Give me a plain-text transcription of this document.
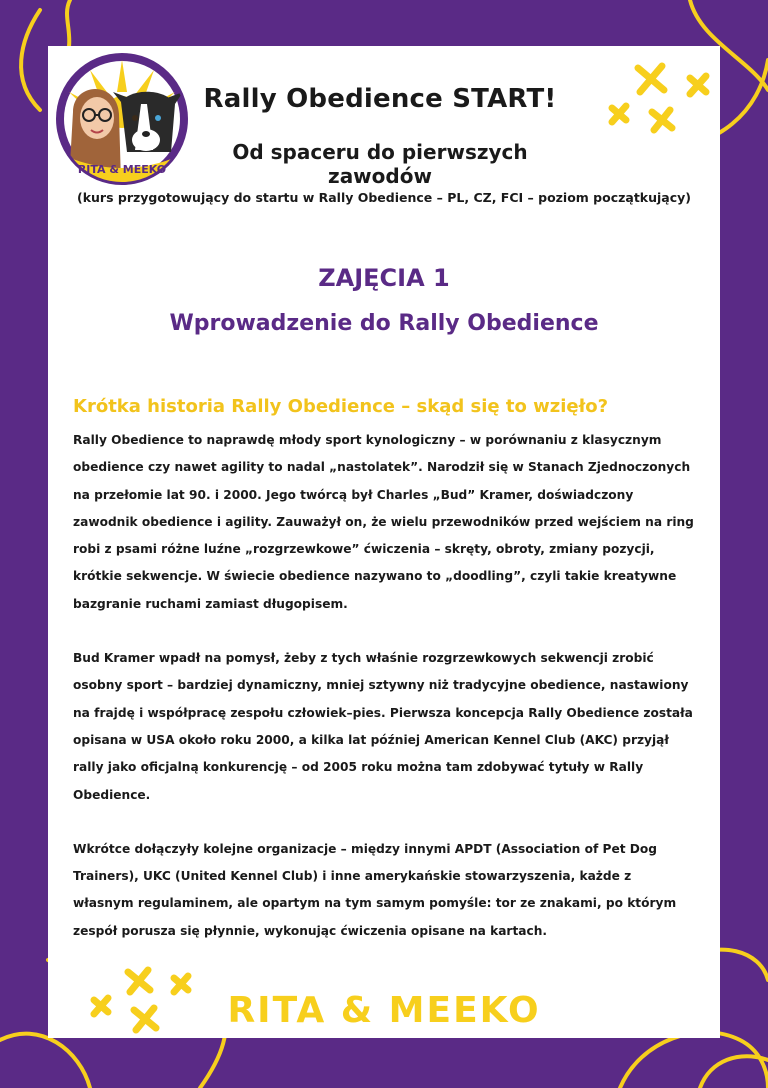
RITA & MEEKO
Rally Obedience START!
Od spaceru do pierwszych zawodów

(kurs przygotowujący do startu w Rally Obedience – PL, CZ, FCI – poziom początkujący)

ZAJĘCIA 1
Wprowadzenie do Rally Obedience
Krótka historia Rally Obedience – skąd się to wzięło?

Rally Obedience to naprawdę młody sport kynologiczny – w porównaniu z klasycznym obedience czy nawet agility to nadal „nastolatek”. Narodził się w Stanach Zjednoczonych na przełomie lat 90. i 2000. Jego twórcą był Charles „Bud” Kramer, doświadczony zawodnik obedience i agility. Zauważył on, że wielu przewodników przed wejściem na ring robi z psami różne luźne „rozgrzewkowe” ćwiczenia – skręty, obroty, zmiany pozycji, krótkie sekwencje. W świecie obedience nazywano to „doodling”, czyli takie kreatywne bazgranie ruchami zamiast długopisem.

Bud Kramer wpadł na pomysł, żeby z tych właśnie rozgrzewkowych sekwencji zrobić osobny sport – bardziej dynamiczny, mniej sztywny niż tradycyjne obedience, nastawiony na frajdę i współpracę zespołu człowiek–pies. Pierwsza koncepcja Rally Obedience została opisana w USA około roku 2000, a kilka lat później American Kennel Club (AKC) przyjął rally jako oficjalną konkurencję – od 2005 roku można tam zdobywać tytuły w Rally Obedience.

Wkrótce dołączyły kolejne organizacje – między innymi APDT (Association of Pet Dog Trainers), UKC (United Kennel Club) i inne amerykańskie stowarzyszenia, każde z własnym regulaminem, ale opartym na tym samym pomyśle: tor ze znakami, po którym zespół porusza się płynnie, wykonując ćwiczenia opisane na kartach.

RITA & MEEKO
